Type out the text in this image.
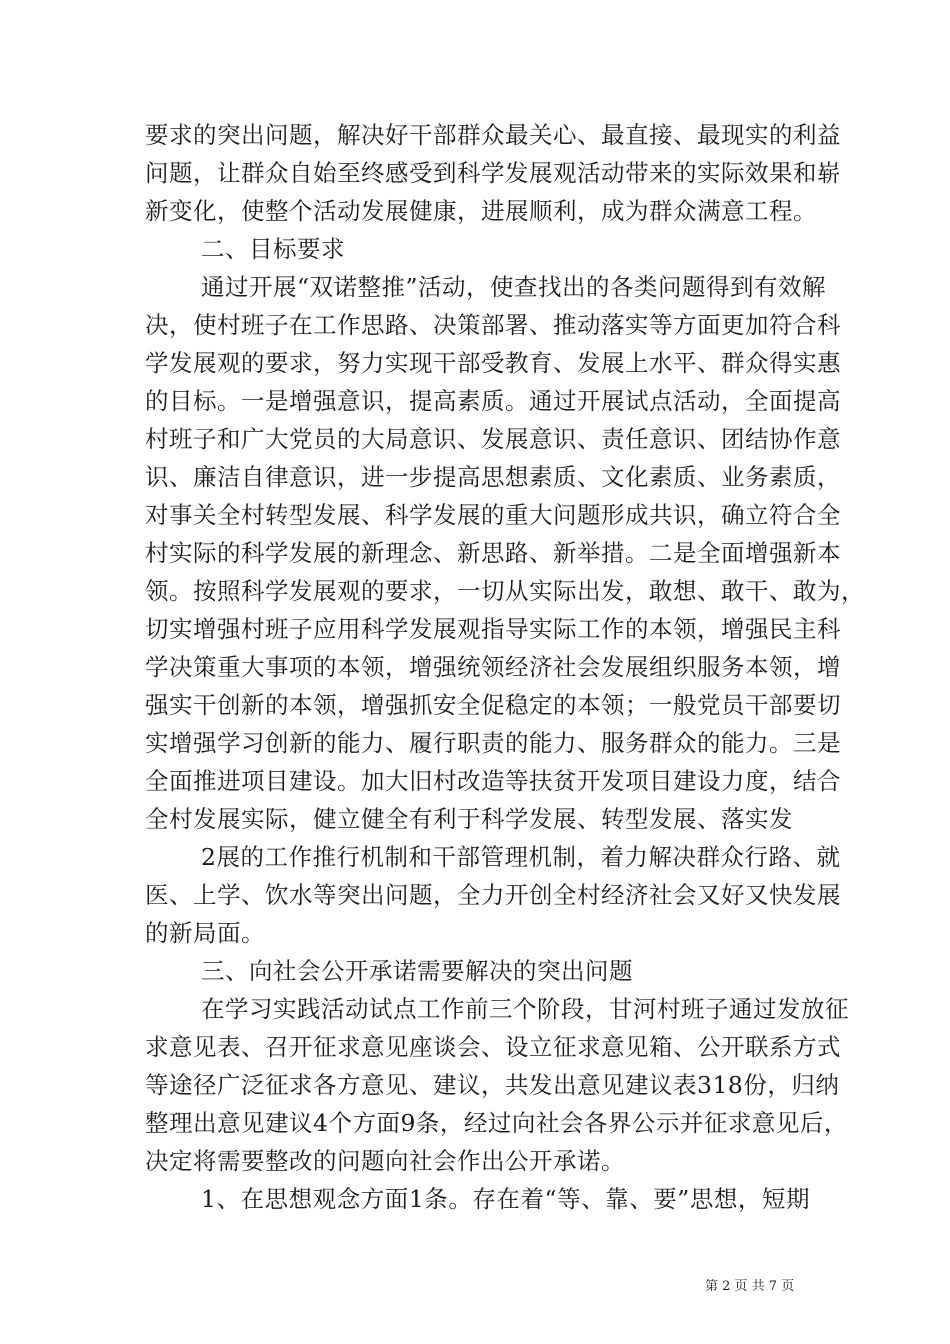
要求的突出问题，解决好干部群众最关心、最直接、最现实的利益
问题，让群众自始至终感受到科学发展观活动带来的实际效果和崭
新变化，使整个活动发展健康，进展顺利，成为群众满意工程。
二、目标要求
通过开展“双诺整推”活动，使查找出的各类问题得到有效解
决，使村班子在工作思路、决策部署、推动落实等方面更加符合科
学发展观的要求，努力实现干部受教育、发展上水平、群众得实惠
的目标。一是增强意识，提高素质。通过开展试点活动，全面提高
村班子和广大党员的大局意识、发展意识、责任意识、团结协作意
识、廉洁自律意识，进一步提高思想素质、文化素质、业务素质，
对事关全村转型发展、科学发展的重大问题形成共识，确立符合全
村实际的科学发展的新理念、新思路、新举措。二是全面增强新本
领。按照科学发展观的要求，一切从实际出发，敢想、敢干、敢为，
切实增强村班子应用科学发展观指导实际工作的本领，增强民主科
学决策重大事项的本领，增强统领经济社会发展组织服务本领，增
强实干创新的本领，增强抓安全促稳定的本领；一般党员干部要切
实增强学习创新的能力、履行职责的能力、服务群众的能力。三是
全面推进项目建设。加大旧村改造等扶贫开发项目建设力度，结合
全村发展实际，健立健全有利于科学发展、转型发展、落实发
2展的工作推行机制和干部管理机制，着力解决群众行路、就
医、上学、饮水等突出问题，全力开创全村经济社会又好又快发展
的新局面。
三、向社会公开承诺需要解决的突出问题
在学习实践活动试点工作前三个阶段，甘河村班子通过发放征
求意见表、召开征求意见座谈会、设立征求意见箱、公开联系方式
等途径广泛征求各方意见、建议，共发出意见建议表318份，归纳
整理出意见建议4个方面9条，经过向社会各界公示并征求意见后，
决定将需要整改的问题向社会作出公开承诺。
1、在思想观念方面1条。存在着“等、靠、要”思想，短期
第 2 页 共 7 页
